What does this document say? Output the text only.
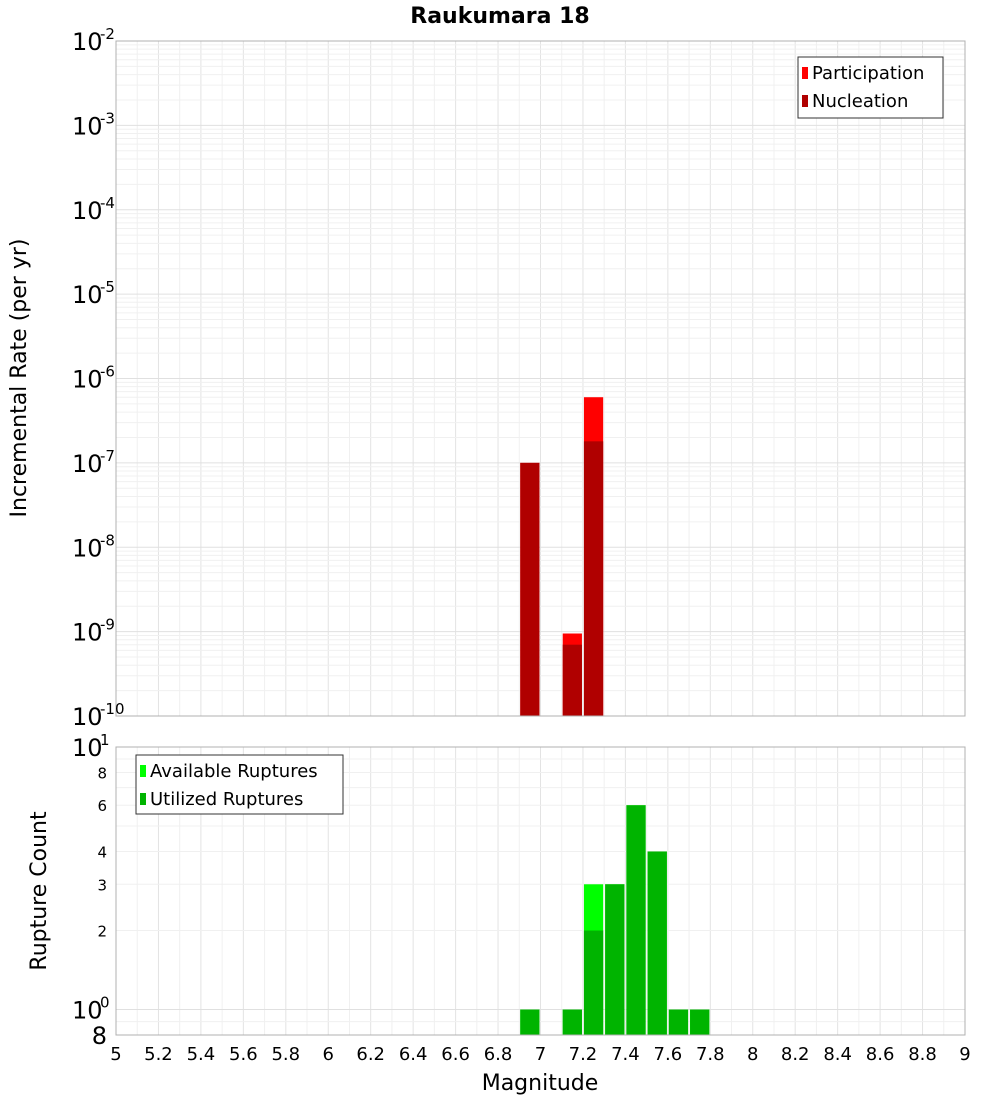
Raukumara 18
10
-10
10
-9
10
-8
10
-7
10
-6
10
-5
10
-4
10
-3
10
-2
Participation
Nucleation
8
10
0
2
3
4
6
8
10
1
Available Ruptures
Utilized Ruptures
5 5.2 5.4 5.6 5.8 6 6.2 6.4 6.6 6.8 7 7.2 7.4 7.6 7.8 8 8.2 8.4 8.6 8.8 9
Incremental Rate (per yr)
Rupture Count
Magnitude
